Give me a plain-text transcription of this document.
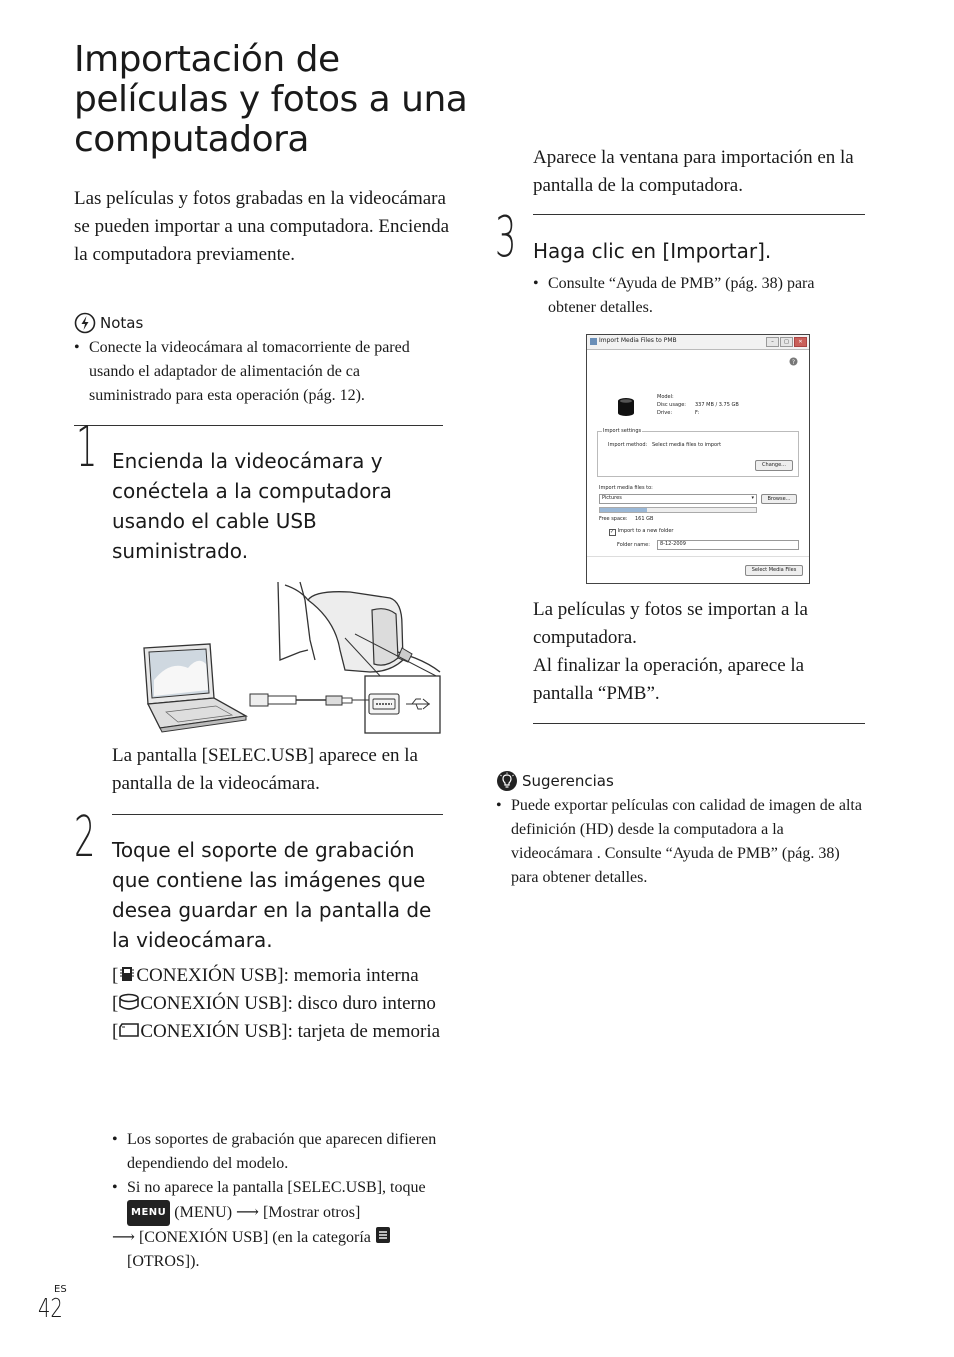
Importación de películas y fotos a una computadora

Las películas y fotos grabadas en la videocámara se pueden importar a una computadora. Encienda la computadora previamente.

Notas
• Conecte la videocámara al tomacorriente de pared usando el adaptador de alimentación de ca suministrado para esta operación (pág. 12).
1 Encienda la videocámara y conéctela a la computadora usando el cable USB suministrado.

La pantalla [SELEC.USB] aparece en la pantalla de la videocámara.

2 Toque el soporte de grabación que contiene las imágenes que desea guardar en la pantalla de la videocámara.

[ CONEXIÓN USB]: memoria interna

[ CONEXIÓN USB]: disco duro interno

[ CONEXIÓN USB]: tarjeta de memoria

• Los soportes de grabación que aparecen difieren dependiendo del modelo.
• Si no aparece la pantalla [SELEC.USB], toque MENU (MENU) ⟶ [Mostrar otros]
⟶ [CONEXIÓN USB] (en la categoría
[OTROS]).

Aparece la ventana para importación en la pantalla de la computadora.

3 Haga clic en [Importar].

• Consulte “Ayuda de PMB” (pág. 38) para obtener detalles.
Import Media Files to PMB	–	□	✕
?
Model:
Disc usage: 337 MB / 3.75 GB
Drive:	F:
Import settings
Import method: Select media files to import
Change...
Import media files to:
Pictures	▾	Browse...
Free space: 161 GB
✓ Import to a new folder
Folder name: 8-12-2009
Select Media Files

La películas y fotos se importan a la computadora.

Al finalizar la operación, aparece la pantalla “PMB”.

Sugerencias
• Puede exportar películas con calidad de imagen de alta definición (HD) desde la computadora a la videocámara . Consulte “Ayuda de PMB” (pág. 38) para obtener detalles.
ES
42
